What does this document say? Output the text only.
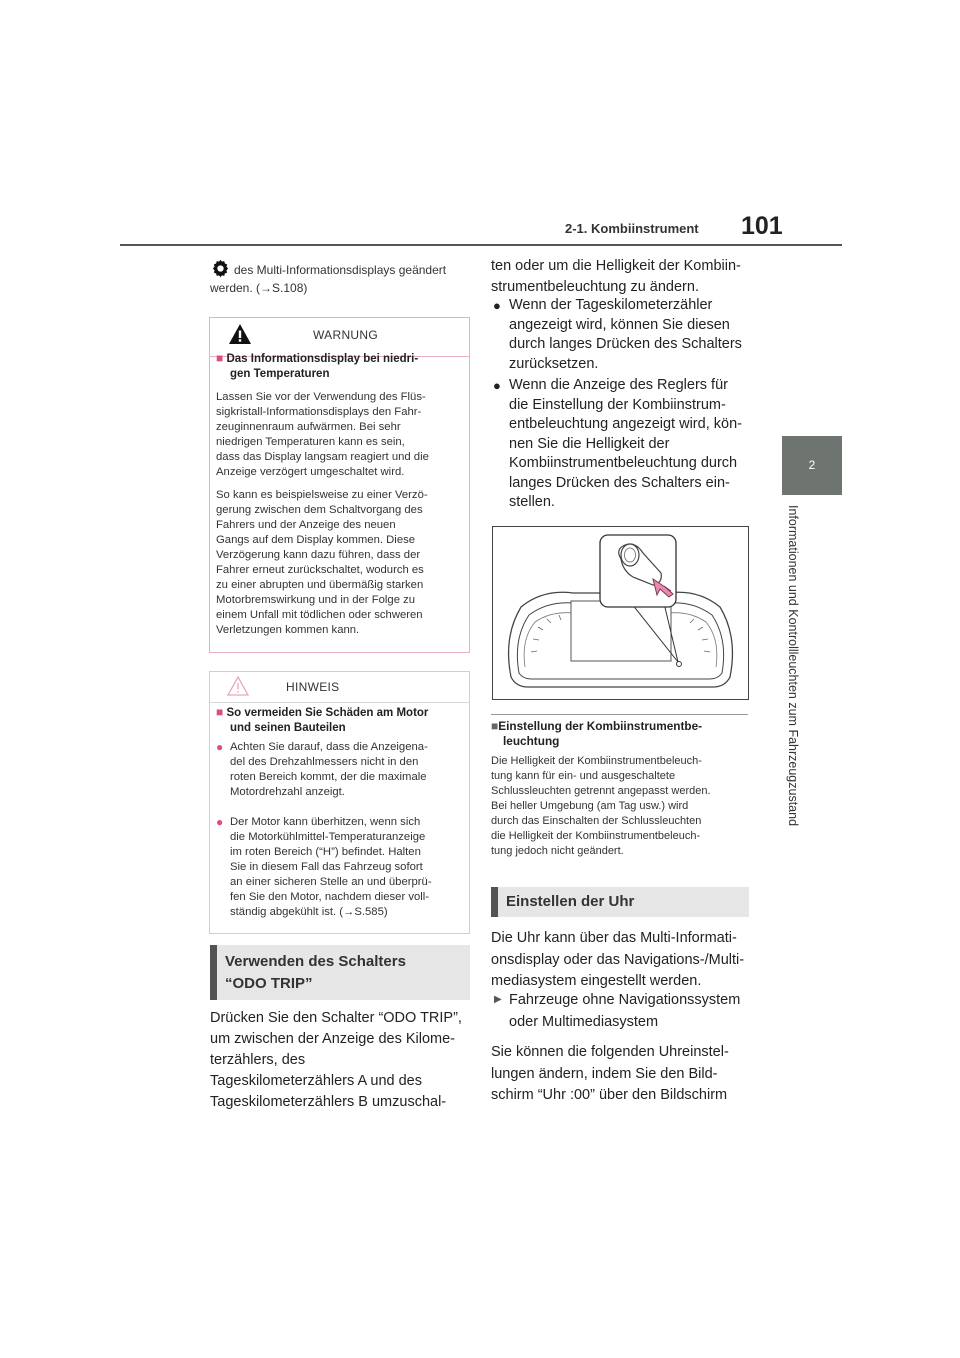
2-1. Kombiinstrument 101
2
Informationen und Kontrollleuchten zum Fahrzeugzustand
des Multi-Informationsdisplays geändert
werden. (→S.108)
WARNUNG
■ Das Informationsdisplay bei niedri-
gen Temperaturen
Lassen Sie vor der Verwendung des Flüs-
sigkristall-Informationsdisplays den Fahr-
zeuginnenraum aufwärmen. Bei sehr
niedrigen Temperaturen kann es sein,
dass das Display langsam reagiert und die
Anzeige verzögert umgeschaltet wird.
So kann es beispielsweise zu einer Verzö-
gerung zwischen dem Schaltvorgang des
Fahrers und der Anzeige des neuen
Gangs auf dem Display kommen. Diese
Verzögerung kann dazu führen, dass der
Fahrer erneut zurückschaltet, wodurch es
zu einer abrupten und übermäßig starken
Motorbremswirkung und in der Folge zu
einem Unfall mit tödlichen oder schweren
Verletzungen kommen kann.
HINWEIS
■ So vermeiden Sie Schäden am Motor
und seinen Bauteilen
● Achten Sie darauf, dass die Anzeigena-
del des Drehzahlmessers nicht in den
roten Bereich kommt, der die maximale
Motordrehzahl anzeigt.
● Der Motor kann überhitzen, wenn sich
die Motorkühlmittel-Temperaturanzeige
im roten Bereich (“H”) befindet. Halten
Sie in diesem Fall das Fahrzeug sofort
an einer sicheren Stelle an und überprü-
fen Sie den Motor, nachdem dieser voll-
ständig abgekühlt ist. (→S.585)
Verwenden des Schalters
“ODO TRIP”
Drücken Sie den Schalter “ODO TRIP”,
um zwischen der Anzeige des Kilome-
terzählers, des
Tageskilometerzählers A und des
Tageskilometerzählers B umzuschal-
ten oder um die Helligkeit der Kombiin-
strumentbeleuchtung zu ändern.
● Wenn der Tageskilometerzähler
angezeigt wird, können Sie diesen
durch langes Drücken des Schalters
zurücksetzen.
● Wenn die Anzeige des Reglers für
die Einstellung der Kombiinstrum-
entbeleuchtung angezeigt wird, kön-
nen Sie die Helligkeit der
Kombiinstrumentbeleuchtung durch
langes Drücken des Schalters ein-
stellen.
■Einstellung der Kombiinstrumentbe-
leuchtung
Die Helligkeit der Kombiinstrumentbeleuch-
tung kann für ein- und ausgeschaltete
Schlussleuchten getrennt angepasst werden.
Bei heller Umgebung (am Tag usw.) wird
durch das Einschalten der Schlussleuchten
die Helligkeit der Kombiinstrumentbeleuch-
tung jedoch nicht geändert.
Einstellen der Uhr
Die Uhr kann über das Multi-Informati-
onsdisplay oder das Navigations-/Multi-
mediasystem eingestellt werden.
▶ Fahrzeuge ohne Navigationssystem
oder Multimediasystem
Sie können die folgenden Uhreinstel-
lungen ändern, indem Sie den Bild-
schirm “Uhr :00” über den Bildschirm
